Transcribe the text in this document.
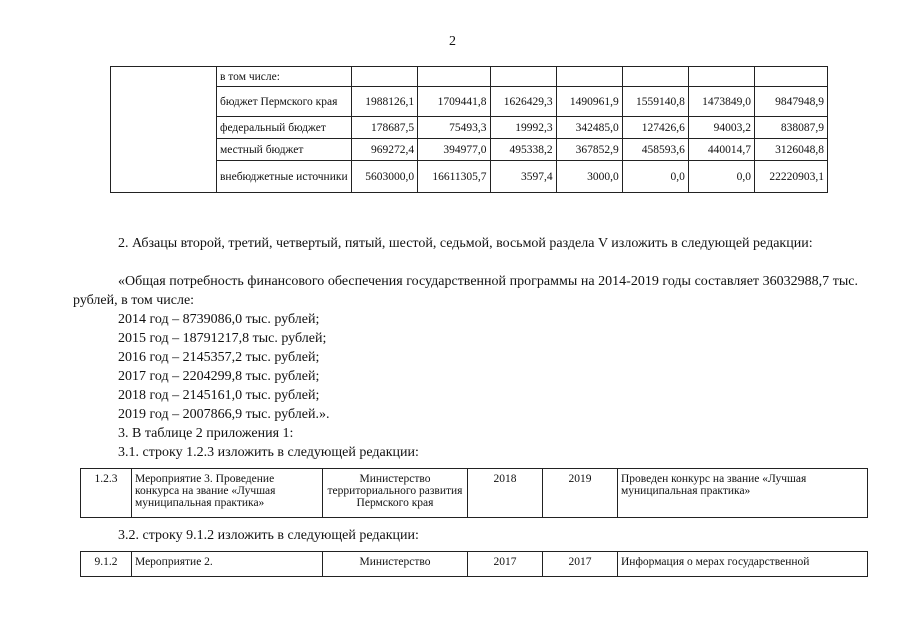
2
	в том числе:							
	бюджет Пермского края	1988126,1	1709441,8	1626429,3	1490961,9	1559140,8	1473849,0	9847948,9
	федеральный бюджет	178687,5	75493,3	19992,3	342485,0	127426,6	94003,2	838087,9
	местный бюджет	969272,4	394977,0	495338,2	367852,9	458593,6	440014,7	3126048,8
	внебюджетные источники	5603000,0	16611305,7	3597,4	3000,0	0,0	0,0	22220903,1
2. Абзацы второй, третий, четвертый, пятый, шестой, седьмой, восьмой раздела V изложить в следующей редакции:
«Общая потребность финансового обеспечения государственной программы на 2014-2019 годы составляет 36032988,7 тыс. рублей, в том числе:
2014 год – 8739086,0 тыс. рублей;
2015 год – 18791217,8 тыс. рублей;
2016 год – 2145357,2 тыс. рублей;
2017 год – 2204299,8 тыс. рублей;
2018 год – 2145161,0 тыс. рублей;
2019 год – 2007866,9 тыс. рублей.».
3. В таблице 2 приложения 1:
3.1. строку 1.2.3 изложить в следующей редакции:
1.2.3	Мероприятие 3. Проведение конкурса на звание «Лучшая муниципальная практика»	Министерство территориального развития Пермского края	2018	2019	Проведен конкурс на звание «Лучшая муниципальная практика»
3.2. строку 9.1.2 изложить в следующей редакции:
9.1.2	Мероприятие 2.	Министерство	2017	2017	Информация о мерах государственной
